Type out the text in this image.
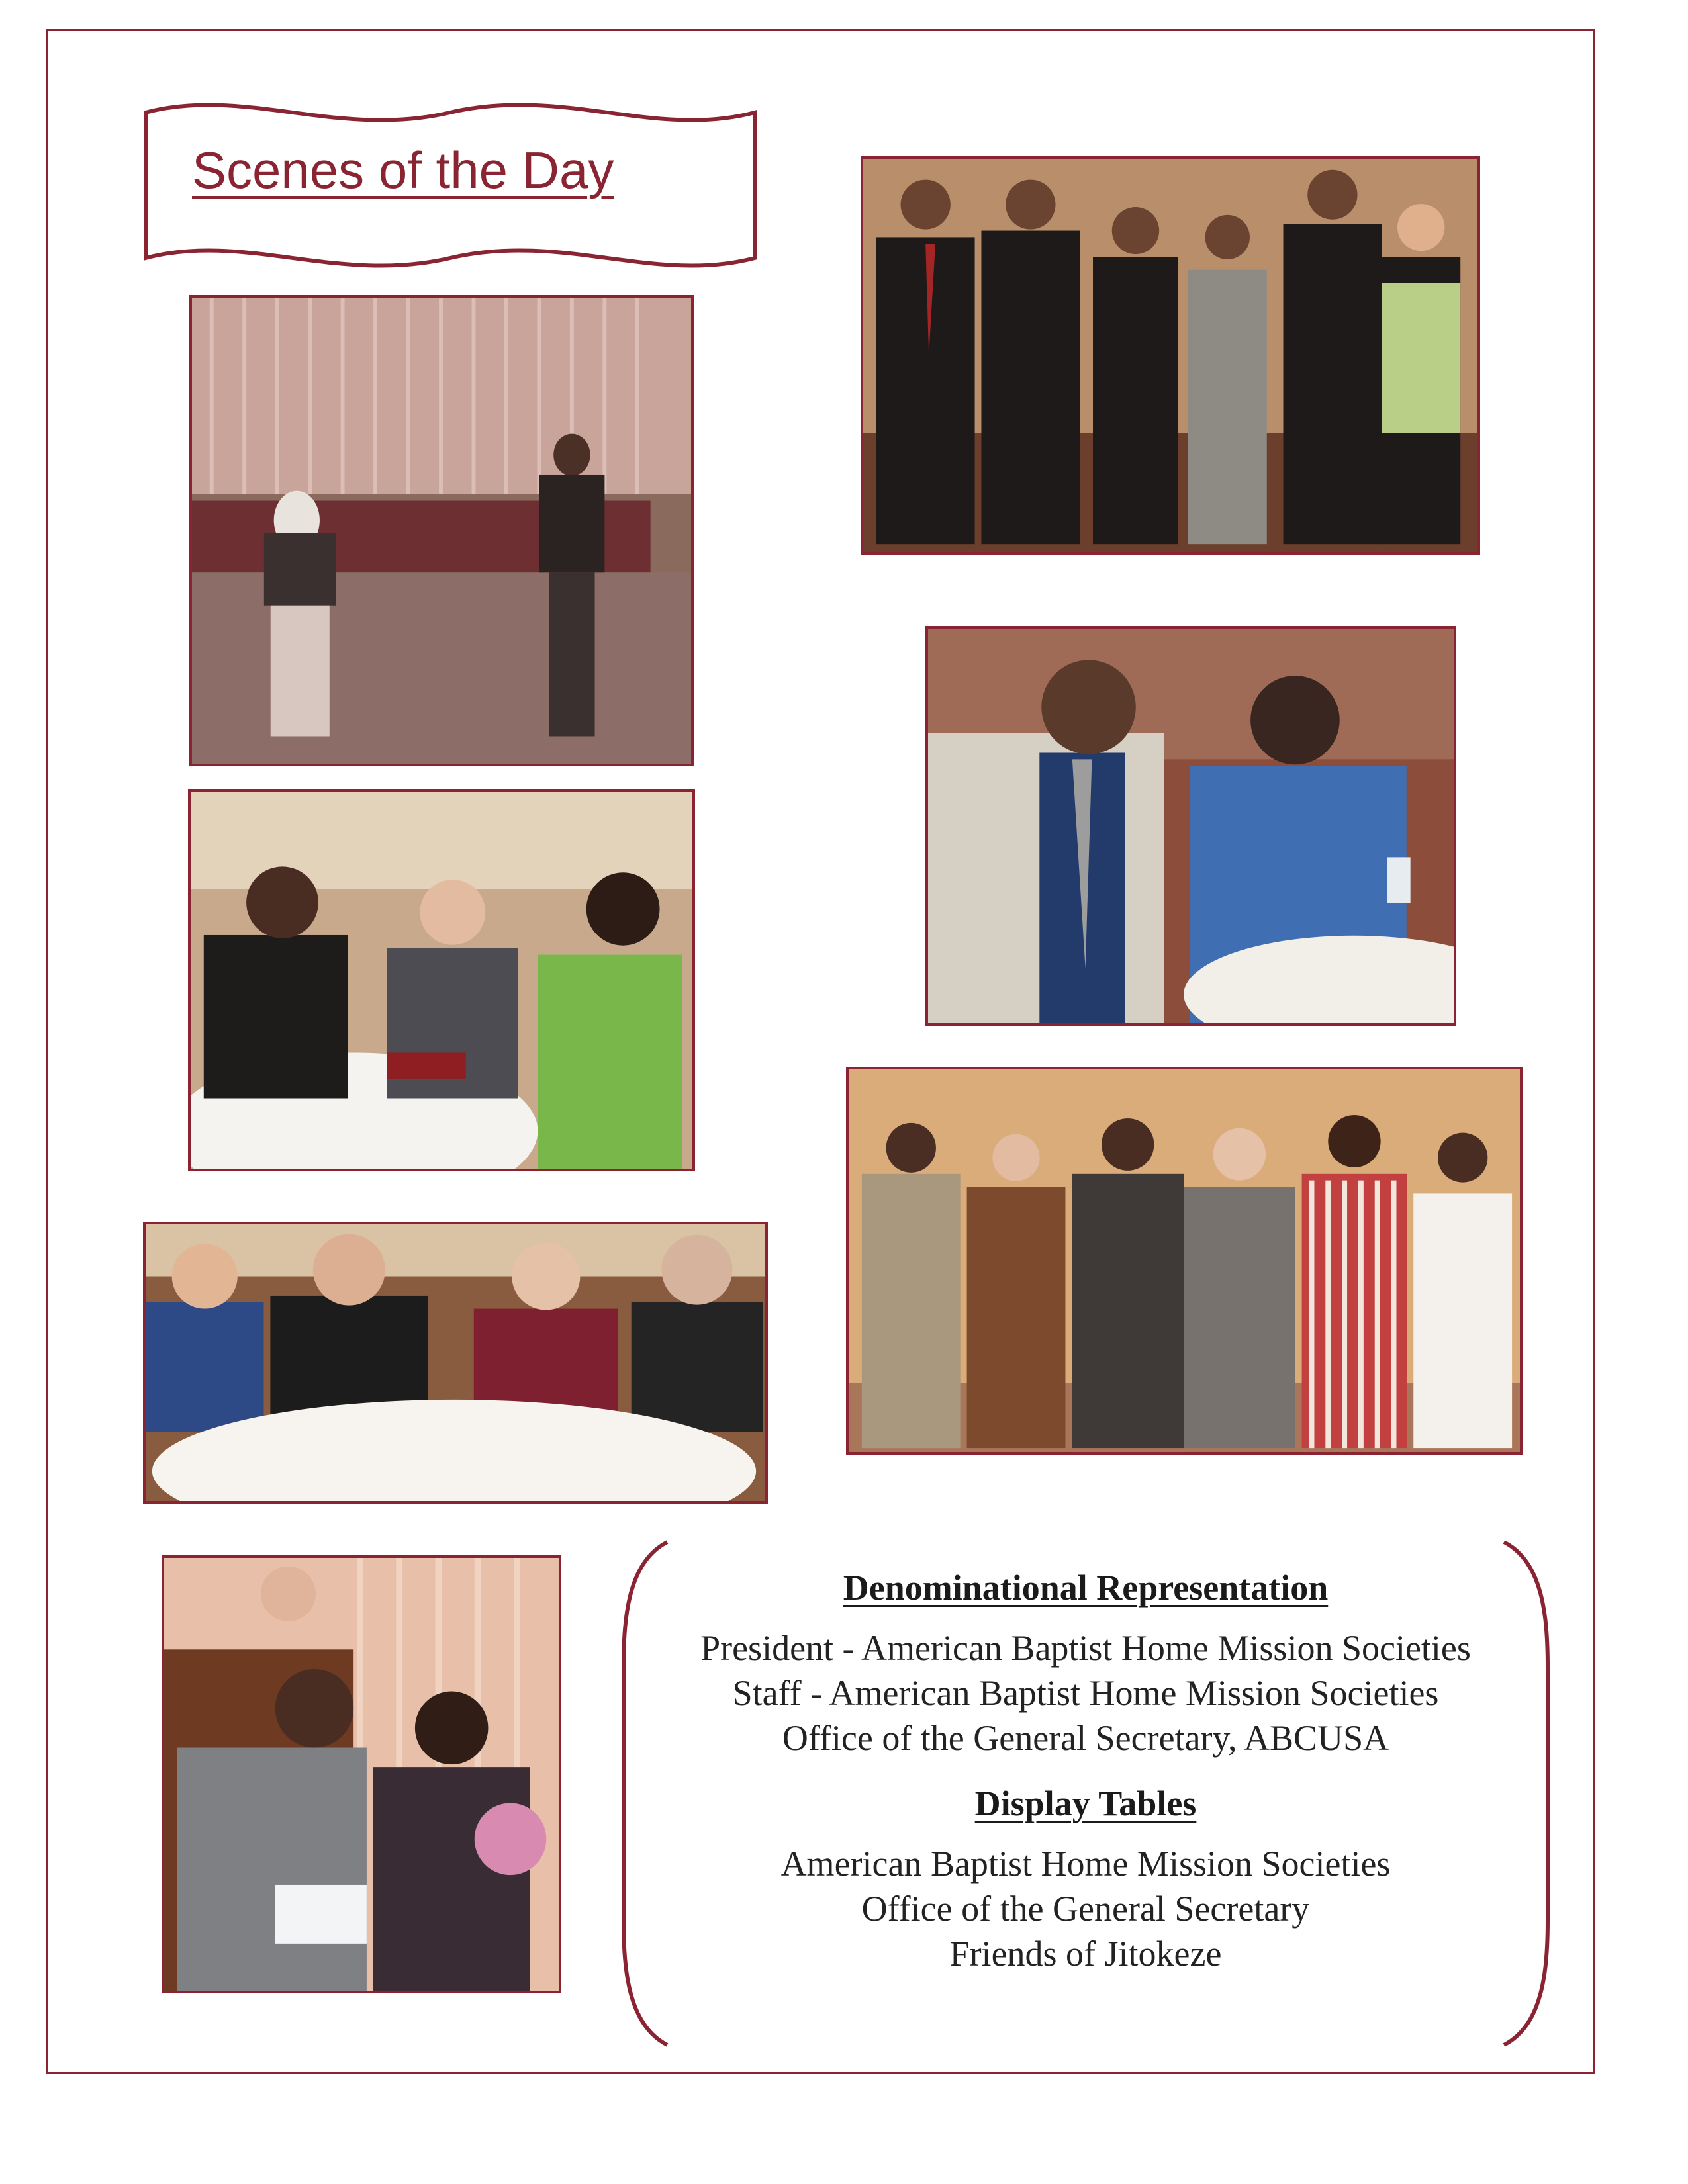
Scenes of the Day
Denominational Representation
President - American Baptist Home Mission Societies
Staff - American Baptist Home Mission Societies
Office of the General Secretary, ABCUSA
Display Tables
American Baptist Home Mission Societies
Office of the General Secretary
Friends of Jitokeze
